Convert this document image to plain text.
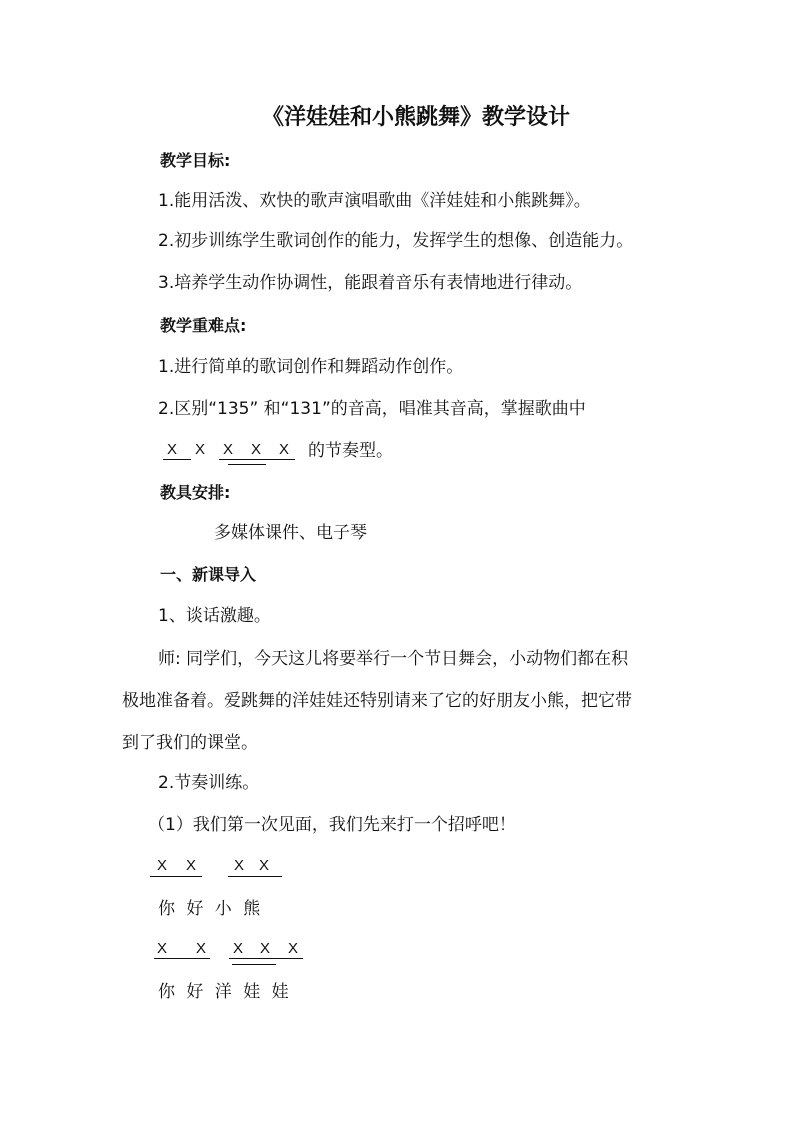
《洋娃娃和小熊跳舞》教学设计
教学目标:
1.能用活泼、欢快的歌声演唱歌曲《洋娃娃和小熊跳舞》。
2.初步训练学生歌词创作的能力，发挥学生的想像、创造能力。
3.培养学生动作协调性，能跟着音乐有表情地进行律动。
教学重难点:
1.进行简单的歌词创作和舞蹈动作创作。
2.区别“135” 和“131”的音高，唱准其音高，掌握歌曲中
X X X X X 的节奏型。
教具安排:
多媒体课件、电子琴
一、新课导入
1、谈话激趣。
师: 同学们，今天这儿将要举行一个节日舞会，小动物们都在积
极地准备着。爱跳舞的洋娃娃还特别请来了它的好朋友小熊，把它带
到了我们的课堂。
2.节奏训练。
（1）我们第一次见面，我们先来打一个招呼吧！
X X	X X
你 好 小 熊
X X X X X
你 好 洋 娃 娃
